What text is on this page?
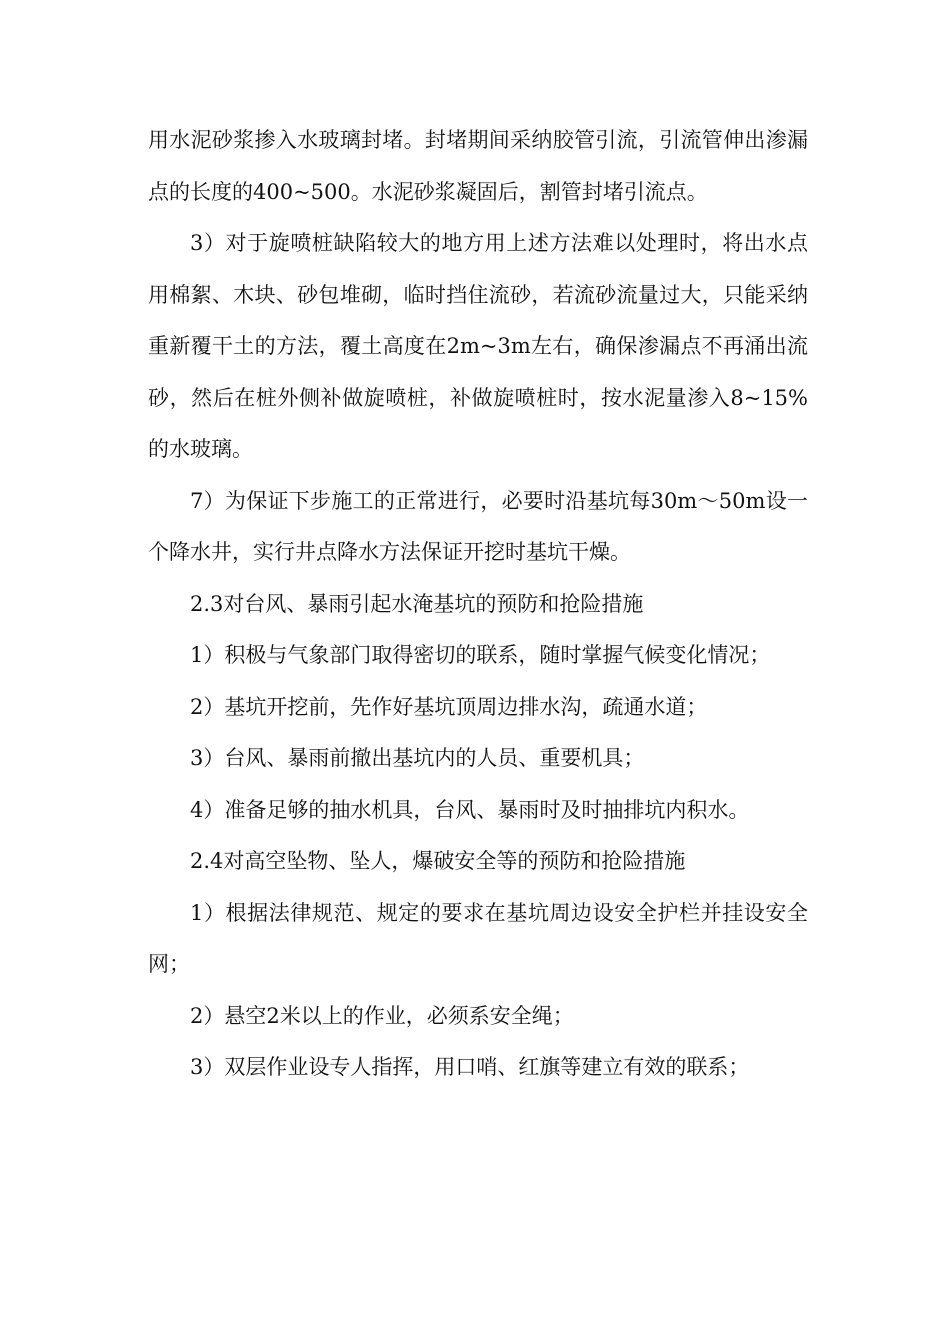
用水泥砂浆掺入水玻璃封堵。封堵期间采纳胶管引流，引流管伸出渗漏点的长度的400~500。水泥砂浆凝固后，割管封堵引流点。

3）对于旋喷桩缺陷较大的地方用上述方法难以处理时，将出水点用棉絮、木块、砂包堆砌，临时挡住流砂，若流砂流量过大，只能采纳重新覆干土的方法，覆土高度在2m~3m左右，确保渗漏点不再涌出流砂，然后在桩外侧补做旋喷桩，补做旋喷桩时，按水泥量渗入8~15%的水玻璃。

7）为保证下步施工的正常进行，必要时沿基坑每30m～50m设一个降水井，实行井点降水方法保证开挖时基坑干燥。

2.3对台风、暴雨引起水淹基坑的预防和抢险措施

1）积极与气象部门取得密切的联系，随时掌握气候变化情况；

2）基坑开挖前，先作好基坑顶周边排水沟，疏通水道；

3）台风、暴雨前撤出基坑内的人员、重要机具；

4）准备足够的抽水机具，台风、暴雨时及时抽排坑内积水。

2.4对高空坠物、坠人，爆破安全等的预防和抢险措施

1）根据法律规范、规定的要求在基坑周边设安全护栏并挂设安全网；

2）悬空2米以上的作业，必须系安全绳；

3）双层作业设专人指挥，用口哨、红旗等建立有效的联系；
